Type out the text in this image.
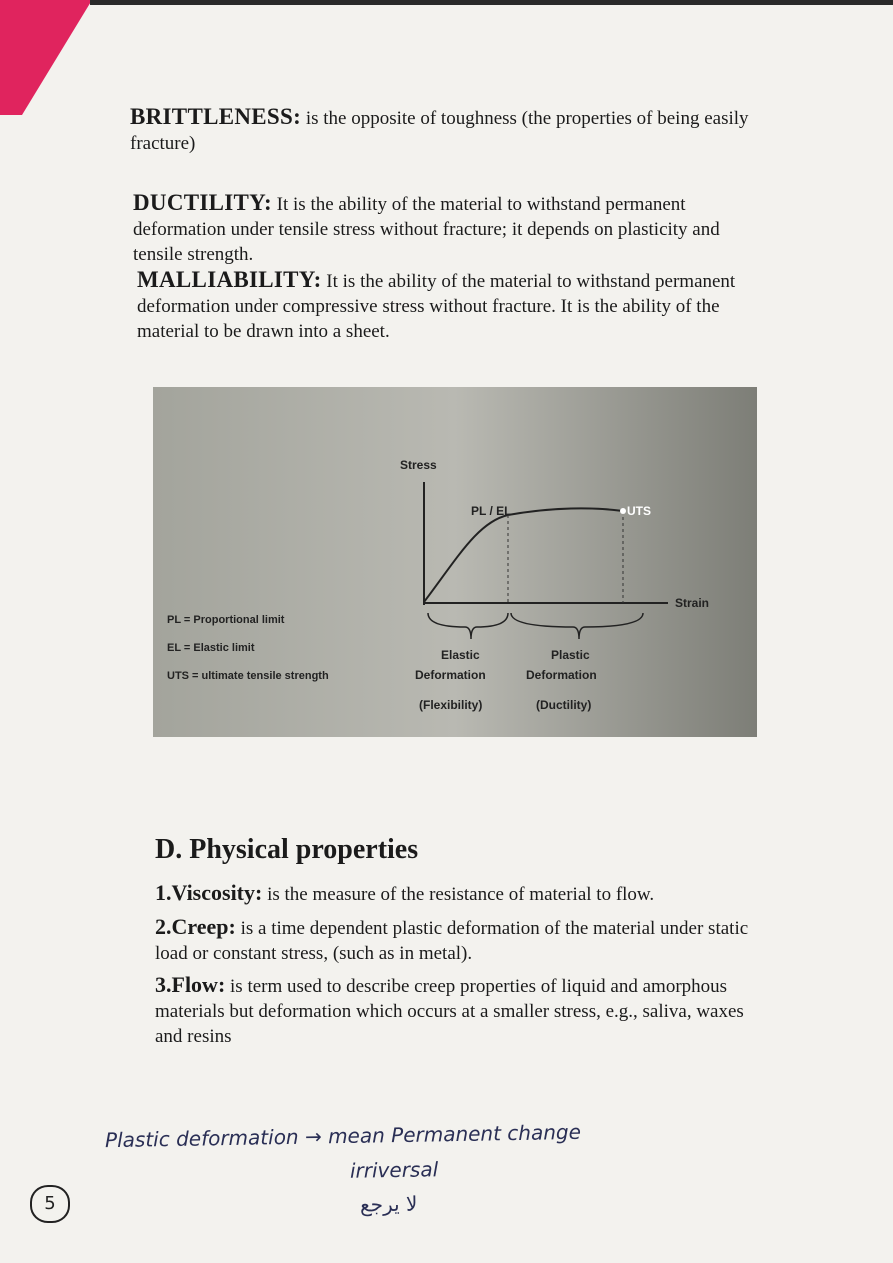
BRITTLENESS: is the opposite of toughness (the properties of being easily fracture)
DUCTILITY: It is the ability of the material to withstand permanent deformation under tensile stress without fracture; it depends on plasticity and tensile strength.
MALLIABILITY: It is the ability of the material to withstand permanent deformation under compressive stress without fracture. It is the ability of the material to be drawn into a sheet.
Stress
Strain
PL / EL	UTS
PL = Proportional limit
EL = Elastic limit
UTS = ultimate tensile strength
Elastic
Deformation
(Flexibility)
Plastic
Deformation
(Ductility)
D. Physical properties
1.Viscosity: is the measure of the resistance of material to flow.
2.Creep: is a time dependent plastic deformation of the material under static load or constant stress, (such as in metal).
3.Flow: is term used to describe creep properties of liquid and amorphous materials but deformation which occurs at a smaller stress, e.g., saliva, waxes and resins
Plastic deformation → mean Permanent change
irriversal
لا يرجع
5
